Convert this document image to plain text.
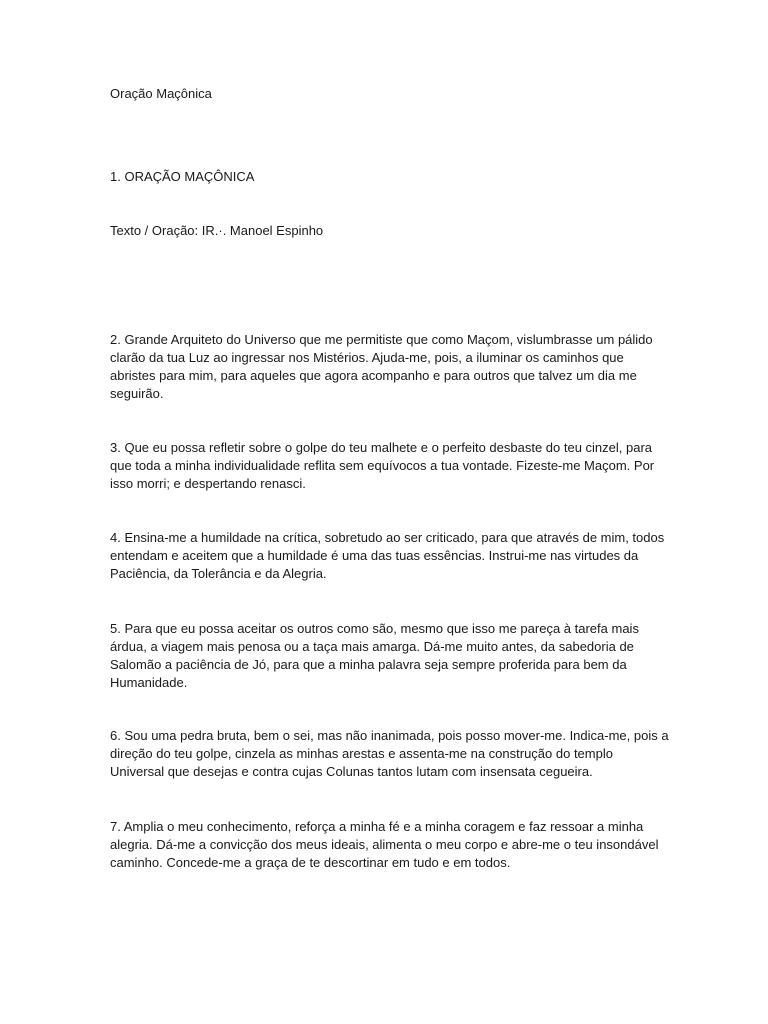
Oração Maçônica

1. ORAÇÃO MAÇÔNICA

Texto / Oração: IR.·. Manoel Espinho

2. Grande Arquiteto do Universo que me permitiste que como Maçom, vislumbrasse um pálido clarão da tua Luz ao ingressar nos Mistérios. Ajuda-me, pois, a iluminar os caminhos que abristes para mim, para aqueles que agora acompanho e para outros que talvez um dia me seguirão.

3. Que eu possa refletir sobre o golpe do teu malhete e o perfeito desbaste do teu cinzel, para que toda a minha individualidade reflita sem equívocos a tua vontade. Fizeste-me Maçom. Por isso morri; e despertando renasci.

4. Ensina-me a humildade na crítica, sobretudo ao ser criticado, para que através de mim, todos entendam e aceitem que a humildade é uma das tuas essências. Instrui-me nas virtudes da Paciência, da Tolerância e da Alegria.

5. Para que eu possa aceitar os outros como são, mesmo que isso me pareça à tarefa mais árdua, a viagem mais penosa ou a taça mais amarga. Dá-me muito antes, da sabedoria de Salomão a paciência de Jó, para que a minha palavra seja sempre proferida para bem da Humanidade.

6. Sou uma pedra bruta, bem o sei, mas não inanimada, pois posso mover-me. Indica-me, pois a direção do teu golpe, cinzela as minhas arestas e assenta-me na construção do templo Universal que desejas e contra cujas Colunas tantos lutam com insensata cegueira.

7. Amplia o meu conhecimento, reforça a minha fé e a minha coragem e faz ressoar a minha alegria. Dá-me a convicção dos meus ideais, alimenta o meu corpo e abre-me o teu insondável caminho. Concede-me a graça de te descortinar em tudo e em todos.
